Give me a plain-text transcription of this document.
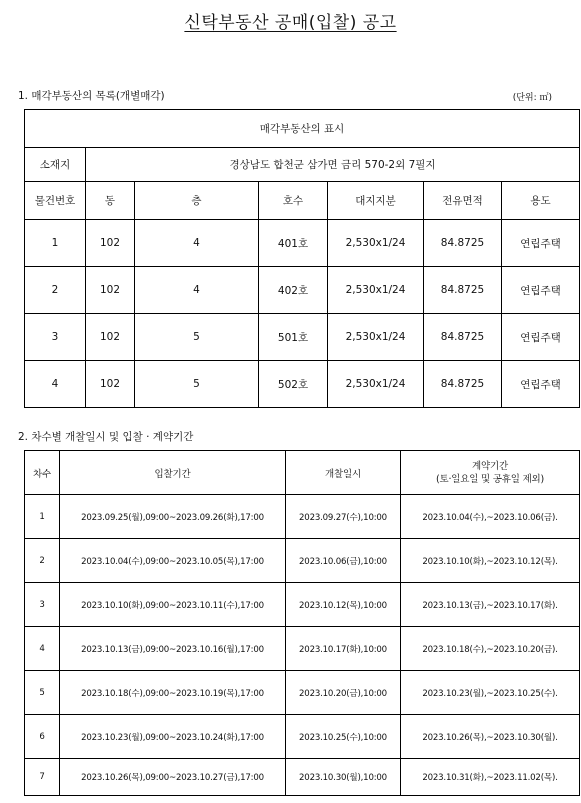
신탁부동산 공매(입찰) 공고
1. 매각부동산의 목록(개별매각)	(단위: ㎡)
매각부동산의 표시						
소재지	경상남도 합천군 삼가면 금리 570-2외 7필지					
물건번호	동	층	호수	대지지분	전유면적	용도
1	102	4	401호	2,530x1/24	84.8725	연립주택
2	102	4	402호	2,530x1/24	84.8725	연립주택
3	102	5	501호	2,530x1/24	84.8725	연립주택
4	102	5	502호	2,530x1/24	84.8725	연립주택
2. 차수별 개찰일시 및 입찰 · 계약기간
차수	입찰기간	개찰일시	계약기간
(토·일요일 및 공휴일 제외)

1	2023.09.25(월),09:00~2023.09.26(화),17:00	2023.09.27(수),10:00	2023.10.04(수),~2023.10.06(금).
2	2023.10.04(수),09:00~2023.10.05(목),17:00	2023.10.06(금),10:00	2023.10.10(화),~2023.10.12(목).
3	2023.10.10(화),09:00~2023.10.11(수),17:00	2023.10.12(목),10:00	2023.10.13(금),~2023.10.17(화).
4	2023.10.13(금),09:00~2023.10.16(월),17:00	2023.10.17(화),10:00	2023.10.18(수),~2023.10.20(금).
5	2023.10.18(수),09:00~2023.10.19(목),17:00	2023.10.20(금),10:00	2023.10.23(월),~2023.10.25(수).
6	2023.10.23(월),09:00~2023.10.24(화),17:00	2023.10.25(수),10:00	2023.10.26(목),~2023.10.30(월).
7	2023.10.26(목),09:00~2023.10.27(금),17:00	2023.10.30(월),10:00	2023.10.31(화),~2023.11.02(목).
